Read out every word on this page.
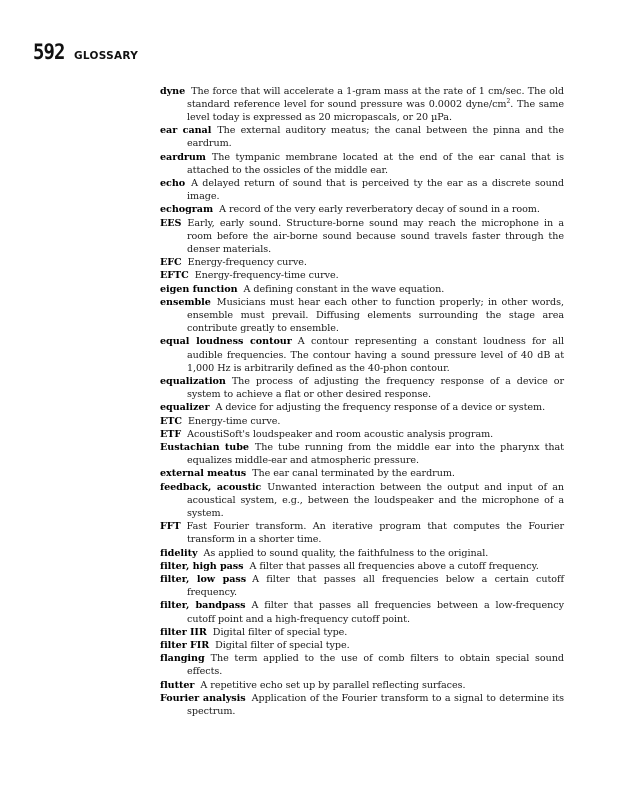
592 GLOSSARY

dyne The force that will accelerate a 1-gram mass at the rate of 1 cm/sec. The old standard reference level for sound pressure was 0.0002 dyne/$cm^2$. The same level today is expressed as 20 micropascals, or 20 µPa.

ear canal The external auditory meatus; the canal between the pinna and the eardrum.

eardrum The tympanic membrane located at the end of the ear canal that is attached to the ossicles of the middle ear.

echo A delayed return of sound that is perceived ty the ear as a discrete sound image.

echogram A record of the very early reverberatory decay of sound in a room.

EES Early, early sound. Structure-borne sound may reach the microphone in a room before the air-borne sound because sound travels faster through the denser materials.

EFC Energy-frequency curve.

EFTC Energy-frequency-time curve.

eigen function A defining constant in the wave equation.

ensemble Musicians must hear each other to function properly; in other words, ensemble must prevail. Diffusing elements surrounding the stage area contribute greatly to ensemble.

equal loudness contour A contour representing a constant loudness for all audible frequencies. The contour having a sound pressure level of 40 dB at 1,000 Hz is arbitrarily defined as the 40-phon contour.

equalization The process of adjusting the frequency response of a device or system to achieve a flat or other desired response.

equalizer A device for adjusting the frequency response of a device or system.

ETC Energy-time curve.

ETF AcoustiSoft's loudspeaker and room acoustic analysis program.

Eustachian tube The tube running from the middle ear into the pharynx that equalizes middle-ear and atmospheric pressure.

external meatus The ear canal terminated by the eardrum.

feedback, acoustic Unwanted interaction between the output and input of an acoustical system, e.g., between the loudspeaker and the microphone of a system.

FFT Fast Fourier transform. An iterative program that computes the Fourier transform in a shorter time.

fidelity As applied to sound quality, the faithfulness to the original.

filter, high pass A filter that passes all frequencies above a cutoff frequency.

filter, low pass A filter that passes all frequencies below a certain cutoff frequency.

filter, bandpass A filter that passes all frequencies between a low-frequency cutoff point and a high-frequency cutoff point.

filter IIR Digital filter of special type.

filter FIR Digital filter of special type.

flanging The term applied to the use of comb filters to obtain special sound effects.

flutter A repetitive echo set up by parallel reflecting surfaces.

Fourier analysis Application of the Fourier transform to a signal to determine its spectrum.
